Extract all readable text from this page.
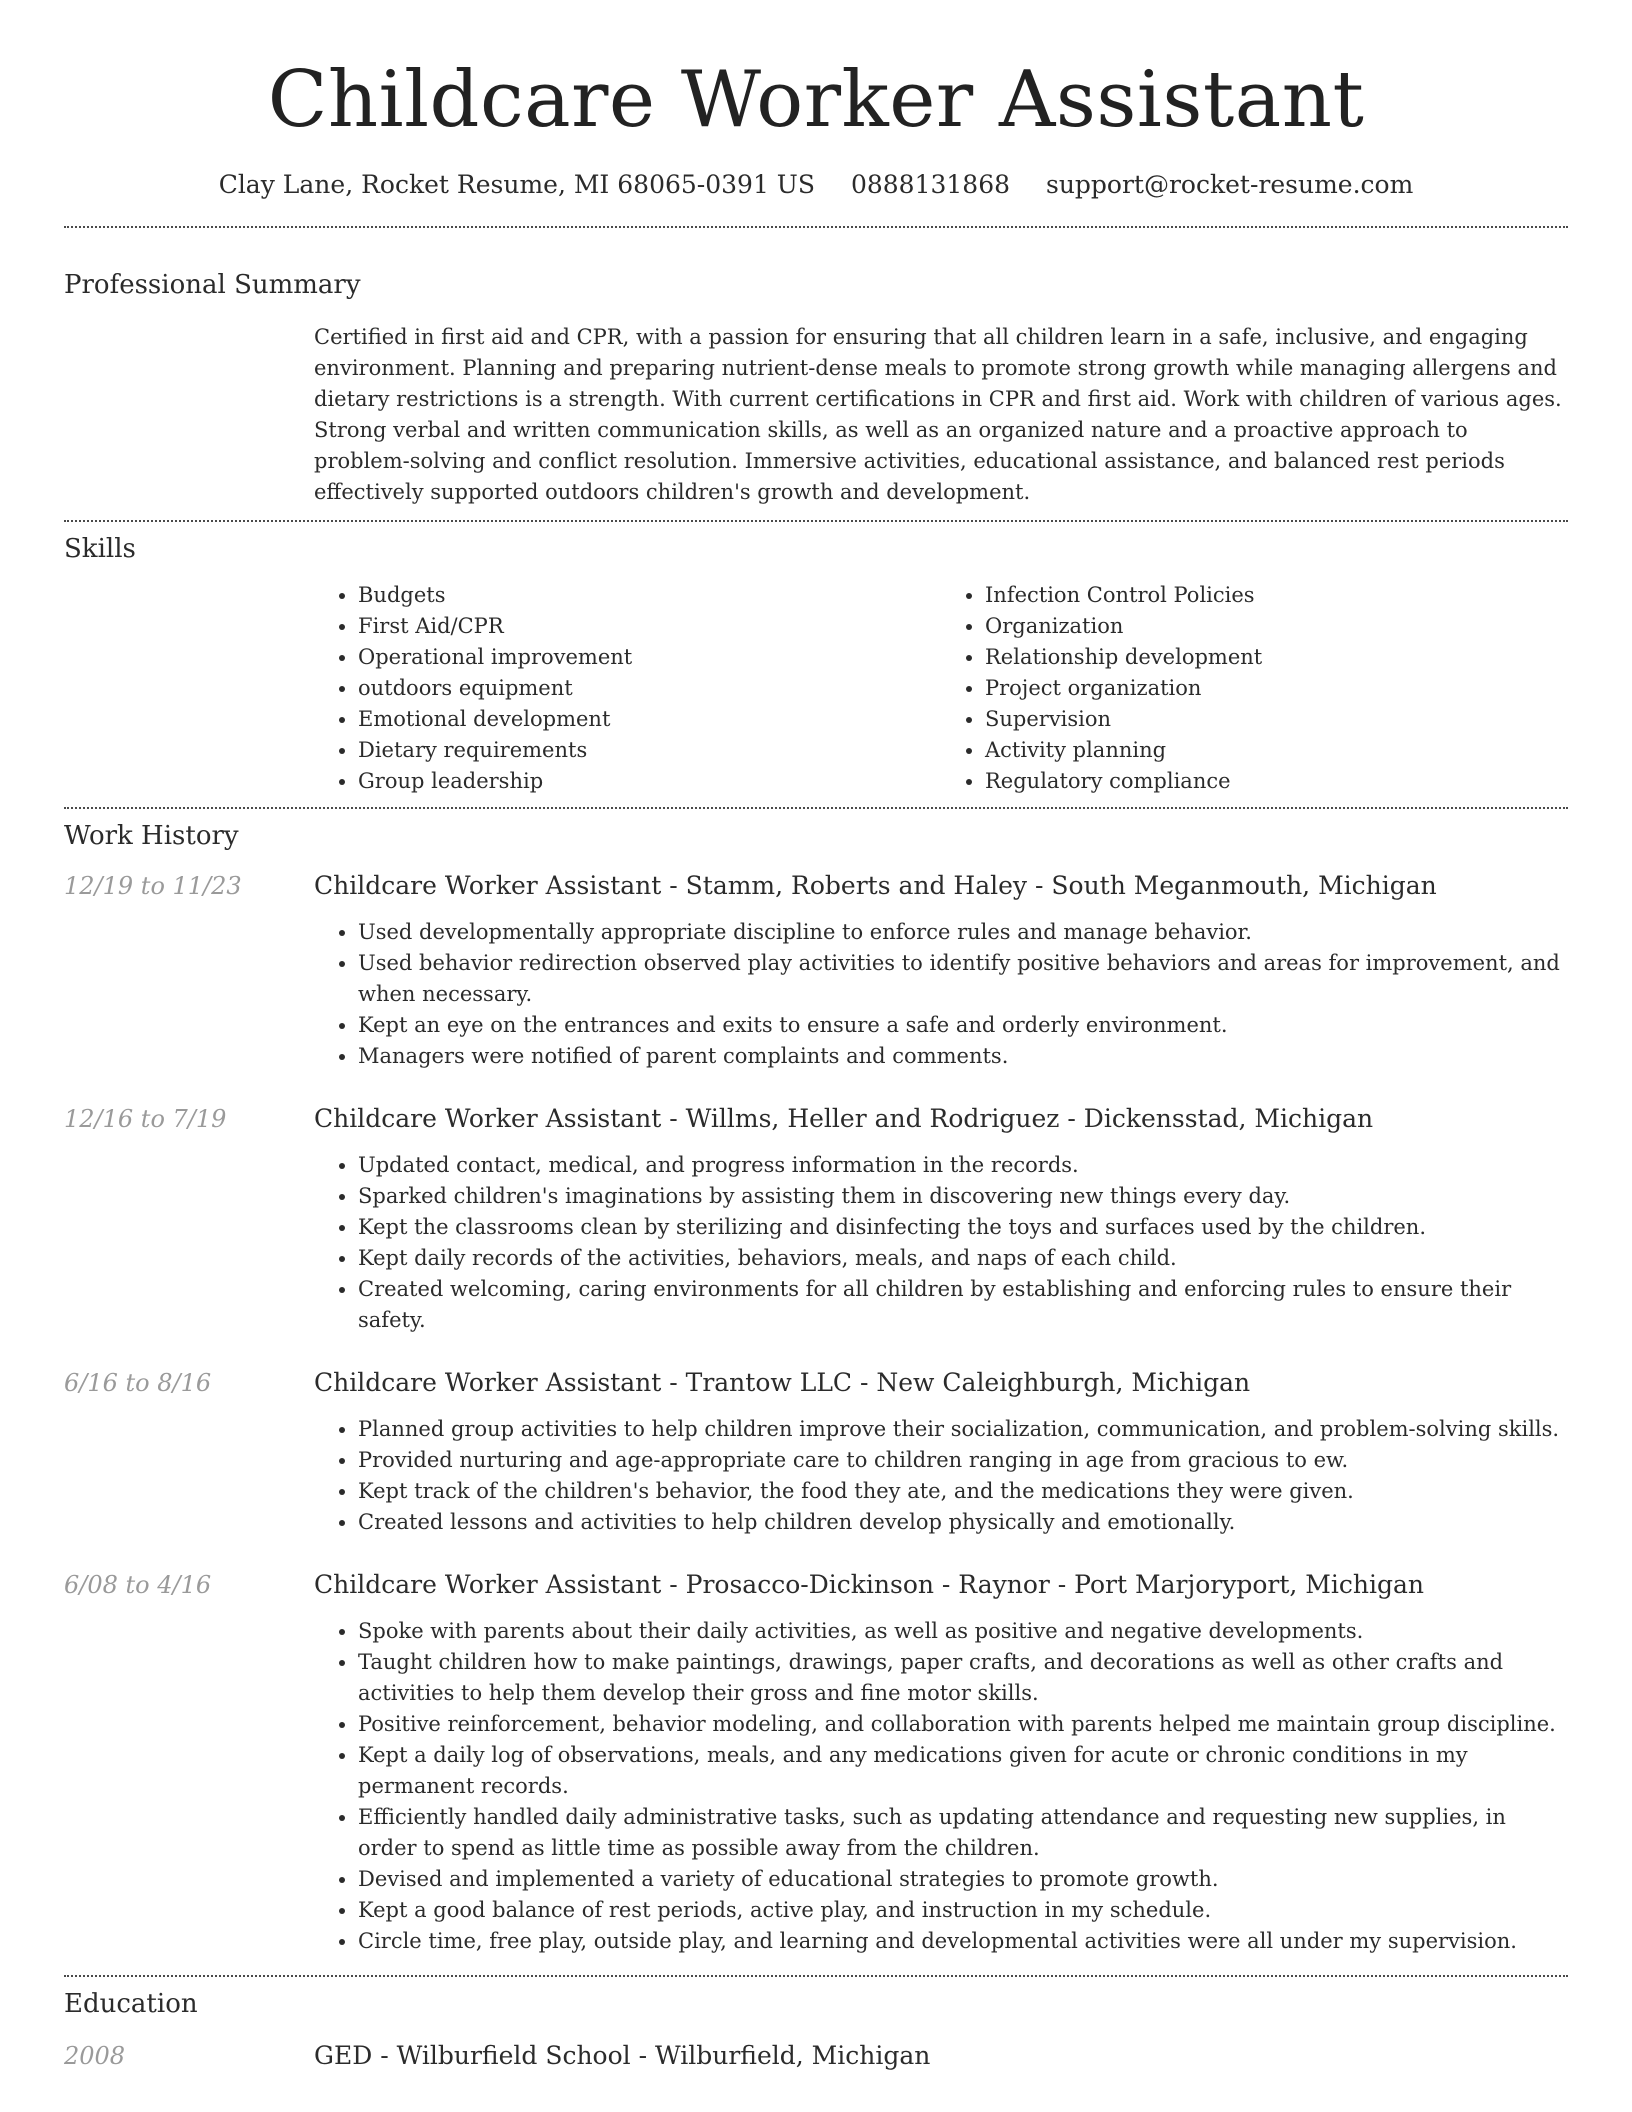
Childcare Worker Assistant
Clay Lane, Rocket Resume, MI 68065-0391 US 0888131868 support@rocket-resume.com
Professional Summary
Certified in first aid and CPR, with a passion for ensuring that all children learn in a safe, inclusive, and engaging environment. Planning and preparing nutrient-dense meals to promote strong growth while managing allergens and dietary restrictions is a strength. With current certifications in CPR and first aid. Work with children of various ages. Strong verbal and written communication skills, as well as an organized nature and a proactive approach to problem-solving and conflict resolution. Immersive activities, educational assistance, and balanced rest periods effectively supported outdoors children's growth and development.
Skills
• Budgets
• First Aid/CPR
• Operational improvement
• outdoors equipment
• Emotional development
• Dietary requirements
• Group leadership
• Infection Control Policies
• Organization
• Relationship development
• Project organization
• Supervision
• Activity planning
• Regulatory compliance
Work History
12/19 to 11/23	Childcare Worker Assistant - Stamm, Roberts and Haley - South Meganmouth, Michigan
• Used developmentally appropriate discipline to enforce rules and manage behavior.
• Used behavior redirection observed play activities to identify positive behaviors and areas for improvement, and when necessary.
• Kept an eye on the entrances and exits to ensure a safe and orderly environment.
• Managers were notified of parent complaints and comments.
12/16 to 7/19	Childcare Worker Assistant - Willms, Heller and Rodriguez - Dickensstad, Michigan
• Updated contact, medical, and progress information in the records.
• Sparked children's imaginations by assisting them in discovering new things every day.
• Kept the classrooms clean by sterilizing and disinfecting the toys and surfaces used by the children.
• Kept daily records of the activities, behaviors, meals, and naps of each child.
• Created welcoming, caring environments for all children by establishing and enforcing rules to ensure their safety.
6/16 to 8/16	Childcare Worker Assistant - Trantow LLC - New Caleighburgh, Michigan
• Planned group activities to help children improve their socialization, communication, and problem-solving skills.
• Provided nurturing and age-appropriate care to children ranging in age from gracious to ew.
• Kept track of the children's behavior, the food they ate, and the medications they were given.
• Created lessons and activities to help children develop physically and emotionally.
6/08 to 4/16	Childcare Worker Assistant - Prosacco-Dickinson - Raynor - Port Marjoryport, Michigan
• Spoke with parents about their daily activities, as well as positive and negative developments.
• Taught children how to make paintings, drawings, paper crafts, and decorations as well as other crafts and activities to help them develop their gross and fine motor skills.
• Positive reinforcement, behavior modeling, and collaboration with parents helped me maintain group discipline.
• Kept a daily log of observations, meals, and any medications given for acute or chronic conditions in my permanent records.
• Efficiently handled daily administrative tasks, such as updating attendance and requesting new supplies, in order to spend as little time as possible away from the children.
• Devised and implemented a variety of educational strategies to promote growth.
• Kept a good balance of rest periods, active play, and instruction in my schedule.
• Circle time, free play, outside play, and learning and developmental activities were all under my supervision.
Education
2008	GED - Wilburfield School - Wilburfield, Michigan
